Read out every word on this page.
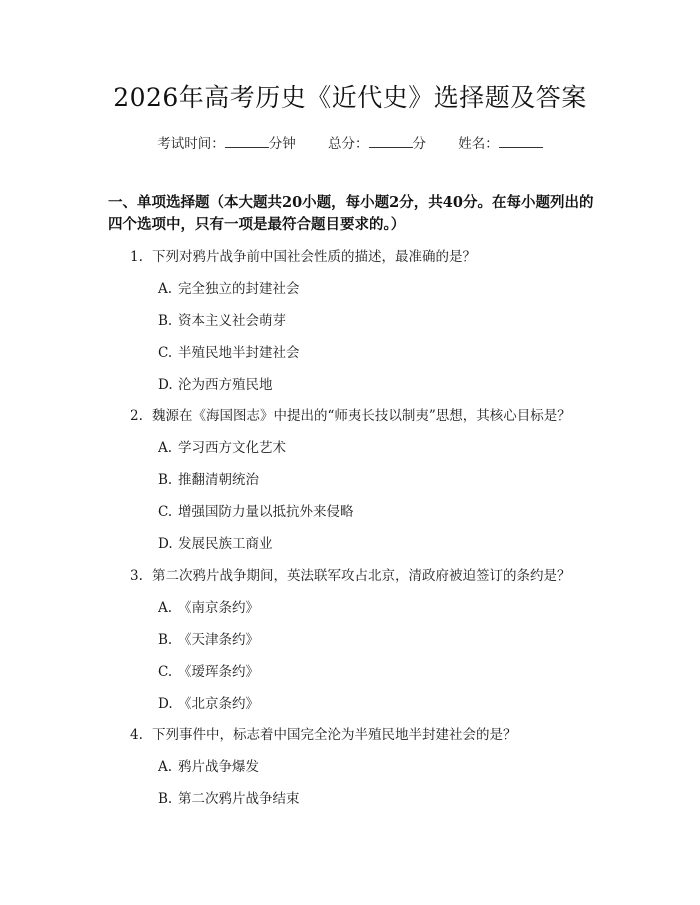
2026年高考历史《近代史》选择题及答案
考试时间：	分钟 总分：	分 姓名：
一、单项选择题（本大题共20小题，每小题2分，共40分。在每小题列出的四个选项中，只有一项是最符合题目要求的。）
1. 下列对鸦片战争前中国社会性质的描述，最准确的是？
A. 完全独立的封建社会
B. 资本主义社会萌芽
C. 半殖民地半封建社会
D. 沦为西方殖民地
2. 魏源在《海国图志》中提出的“师夷长技以制夷”思想，其核心目标是？
A. 学习西方文化艺术
B. 推翻清朝统治
C. 增强国防力量以抵抗外来侵略
D. 发展民族工商业
3. 第二次鸦片战争期间，英法联军攻占北京，清政府被迫签订的条约是？
A. 《南京条约》
B. 《天津条约》
C. 《瑷珲条约》
D. 《北京条约》
4. 下列事件中，标志着中国完全沦为半殖民地半封建社会的是？
A. 鸦片战争爆发
B. 第二次鸦片战争结束
